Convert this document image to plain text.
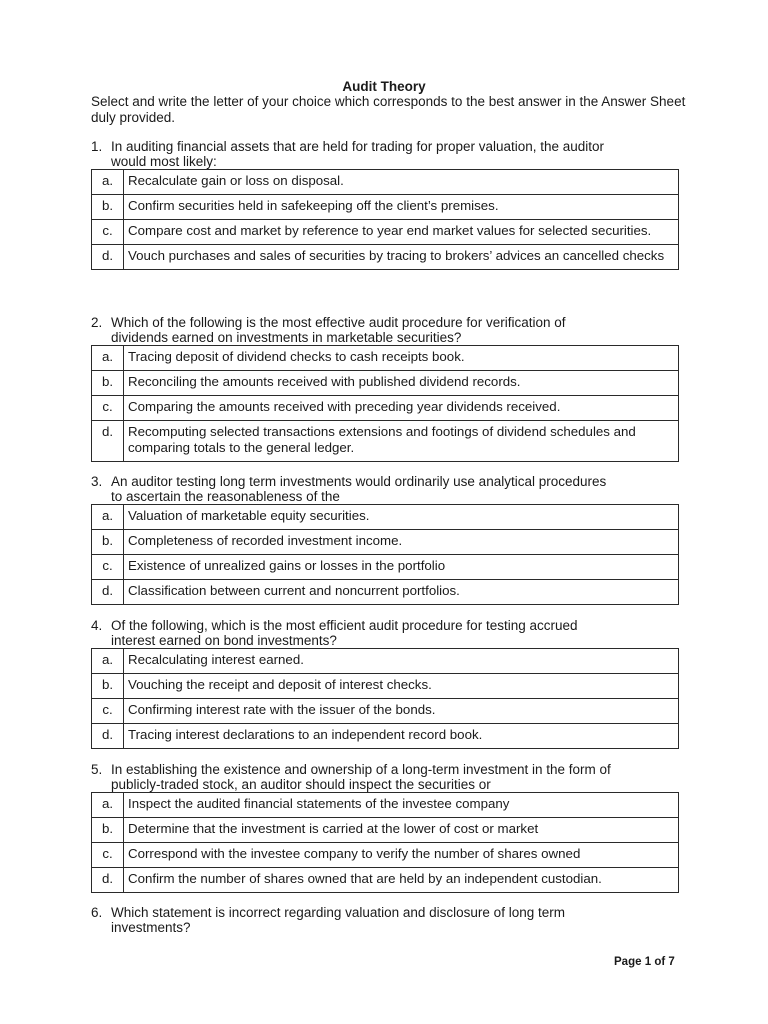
Audit Theory
Select and write the letter of your choice which corresponds to the best answer in the Answer Sheet duly provided.
1. In auditing financial assets that are held for trading for proper valuation, the auditor
would most likely:
a.	Recalculate gain or loss on disposal.
b.	Confirm securities held in safekeeping off the client’s premises.
c.	Compare cost and market by reference to year end market values for selected securities.
d.	Vouch purchases and sales of securities by tracing to brokers’ advices an cancelled checks
2. Which of the following is the most effective audit procedure for verification of
dividends earned on investments in marketable securities?
a.	Tracing deposit of dividend checks to cash receipts book.
b.	Reconciling the amounts received with published dividend records.
c.	Comparing the amounts received with preceding year dividends received.
d.	Recomputing selected transactions extensions and footings of dividend schedules and comparing totals to the general ledger.
3. An auditor testing long term investments would ordinarily use analytical procedures
to ascertain the reasonableness of the
a.	Valuation of marketable equity securities.
b.	Completeness of recorded investment income.
c.	Existence of unrealized gains or losses in the portfolio
d.	Classification between current and noncurrent portfolios.
4. Of the following, which is the most efficient audit procedure for testing accrued
interest earned on bond investments?
a.	Recalculating interest earned.
b.	Vouching the receipt and deposit of interest checks.
c.	Confirming interest rate with the issuer of the bonds.
d.	Tracing interest declarations to an independent record book.
5. In establishing the existence and ownership of a long-term investment in the form of
publicly-traded stock, an auditor should inspect the securities or
a.	Inspect the audited financial statements of the investee company
b.	Determine that the investment is carried at the lower of cost or market
c.	Correspond with the investee company to verify the number of shares owned
d.	Confirm the number of shares owned that are held by an independent custodian.
6. Which statement is incorrect regarding valuation and disclosure of long term
investments?
Page 1 of 7
